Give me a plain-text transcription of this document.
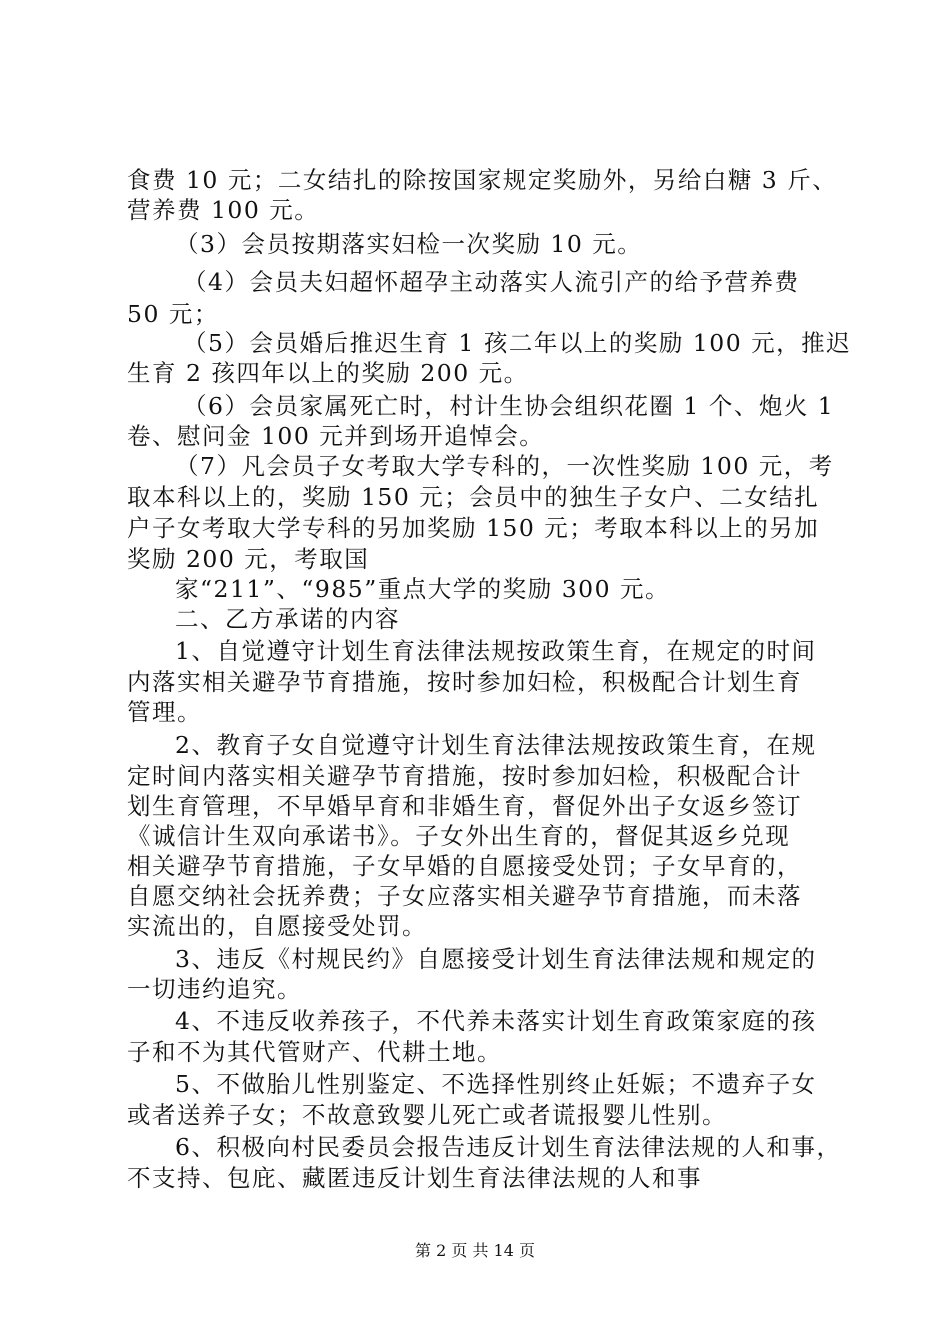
食费 10 元；二女结扎的除按国家规定奖励外，另给白糖 3 斤、
营养费 100 元。
（3）会员按期落实妇检一次奖励 10 元。
（4）会员夫妇超怀超孕主动落实人流引产的给予营养费
50 元；
（5）会员婚后推迟生育 1 孩二年以上的奖励 100 元，推迟
生育 2 孩四年以上的奖励 200 元。
（6）会员家属死亡时，村计生协会组织花圈 1 个、炮火 1
卷、慰问金 100 元并到场开追悼会。
（7）凡会员子女考取大学专科的，一次性奖励 100 元，考
取本科以上的，奖励 150 元；会员中的独生子女户、二女结扎
户子女考取大学专科的另加奖励 150 元；考取本科以上的另加
奖励 200 元，考取国
家“211”、“985”重点大学的奖励 300 元。
二、乙方承诺的内容
1、自觉遵守计划生育法律法规按政策生育，在规定的时间
内落实相关避孕节育措施，按时参加妇检，积极配合计划生育
管理。
2、教育子女自觉遵守计划生育法律法规按政策生育，在规
定时间内落实相关避孕节育措施，按时参加妇检，积极配合计
划生育管理，不早婚早育和非婚生育，督促外出子女返乡签订
《诚信计生双向承诺书》。子女外出生育的，督促其返乡兑现
相关避孕节育措施，子女早婚的自愿接受处罚；子女早育的，
自愿交纳社会抚养费；子女应落实相关避孕节育措施，而未落
实流出的，自愿接受处罚。
3、违反《村规民约》自愿接受计划生育法律法规和规定的
一切违约追究。
4、不违反收养孩子，不代养未落实计划生育政策家庭的孩
子和不为其代管财产、代耕土地。
5、不做胎儿性别鉴定、不选择性别终止妊娠；不遗弃子女
或者送养子女；不故意致婴儿死亡或者谎报婴儿性别。
6、积极向村民委员会报告违反计划生育法律法规的人和事，
不支持、包庇、藏匿违反计划生育法律法规的人和事
第 2 页 共 14 页
